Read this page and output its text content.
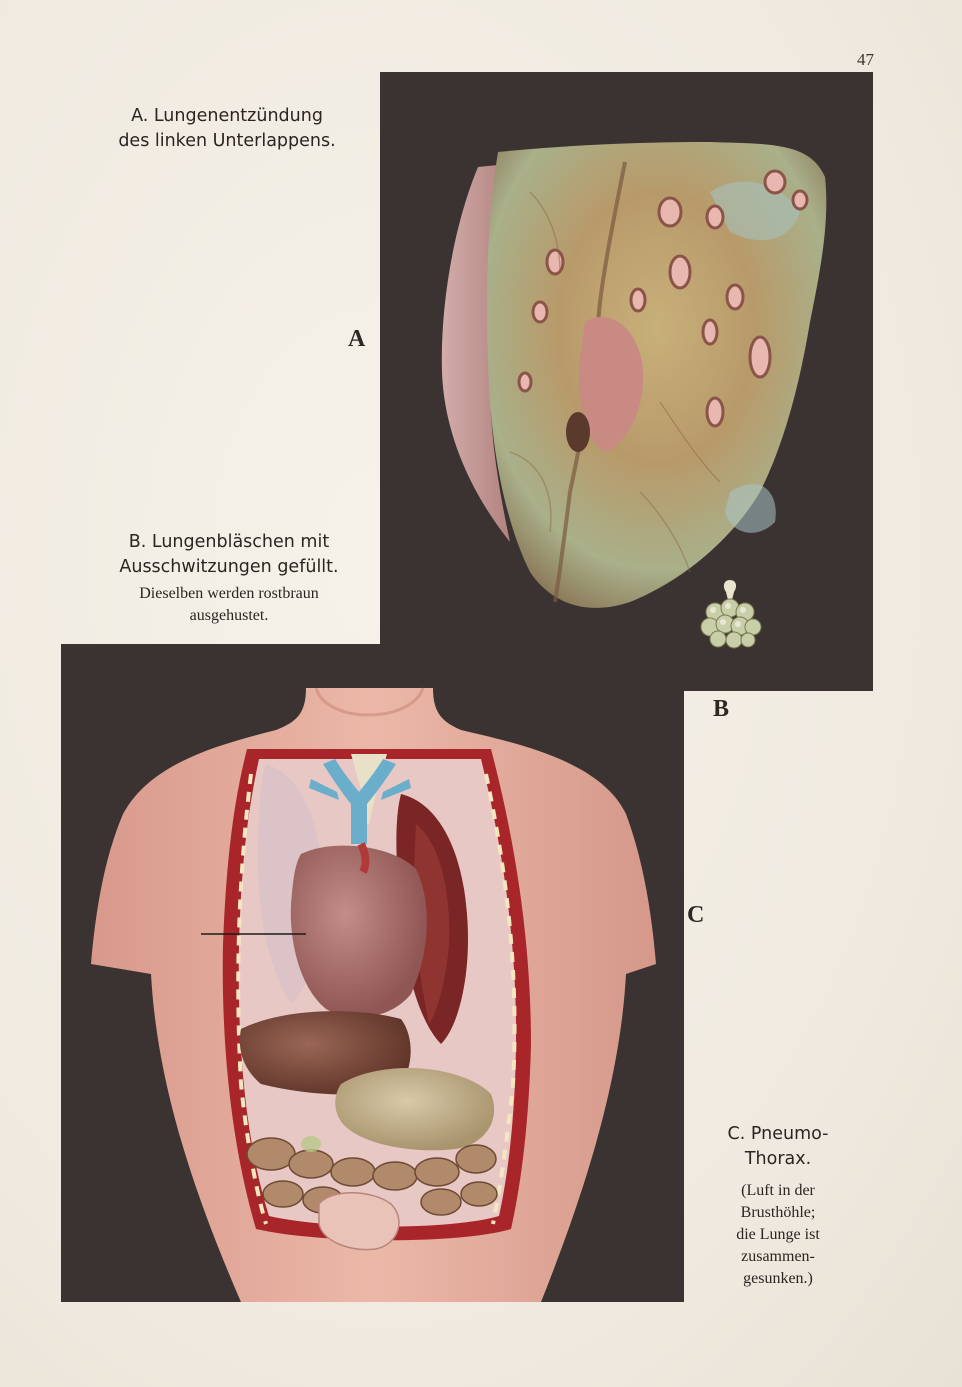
47
A. Lungenentzündung
des linken Unterlappens.
B. Lungenbläschen mit
Ausschwitzungen gefüllt.
Dieselben werden rostbraun
ausgehustet.
C. Pneumo-
Thorax.
(Luft in der
Brusthöhle;
die Lunge ist
zusammen-
gesunken.)
A
B
C
